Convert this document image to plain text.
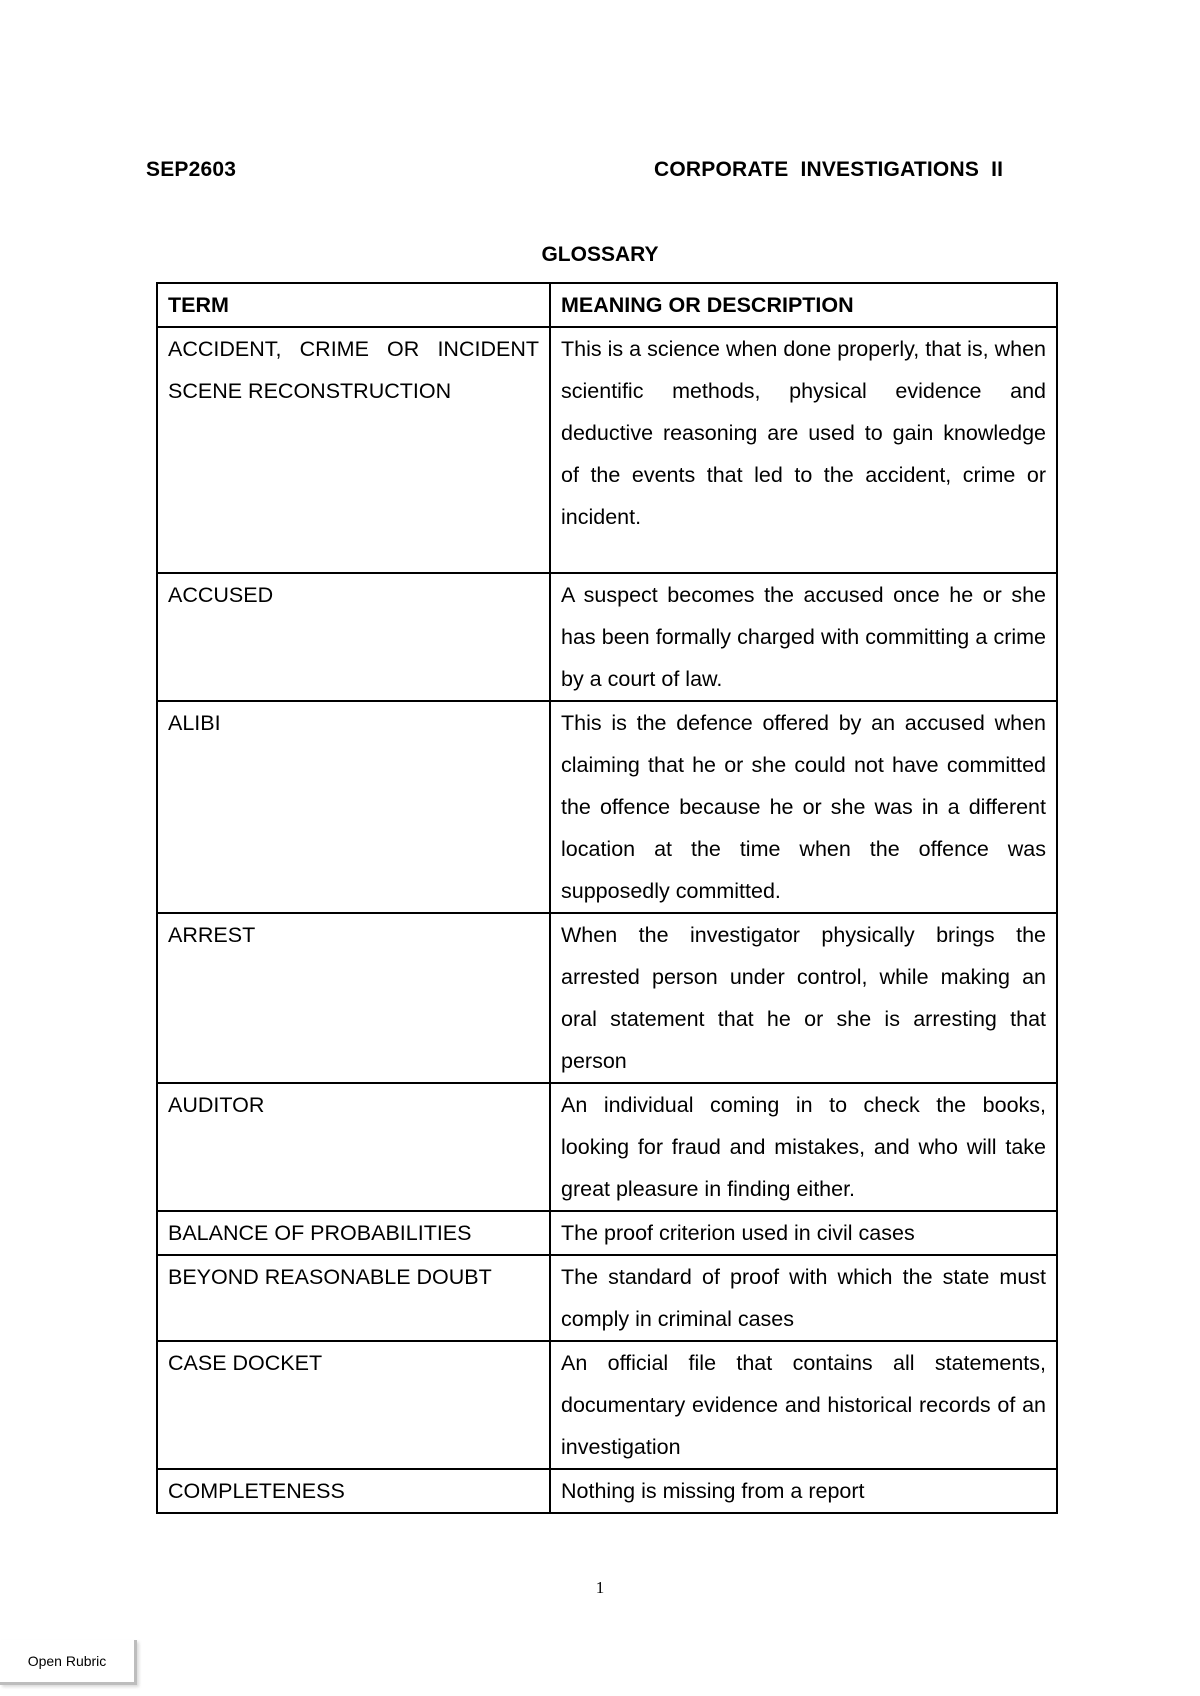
SEP2603	CORPORATE INVESTIGATIONS II
GLOSSARY
TERM	MEANING OR DESCRIPTION
ACCIDENT, CRIME OR INCIDENT SCENE RECONSTRUCTION	This is a science when done properly, that is, when scientific methods, physical evidence and deductive reasoning are used to gain knowledge of the events that led to the accident, crime or incident.
ACCUSED	A suspect becomes the accused once he or she has been formally charged with committing a crime by a court of law.
ALIBI	This is the defence offered by an accused when claiming that he or she could not have committed the offence because he or she was in a different location at the time when the offence was supposedly committed.
ARREST	When the investigator physically brings the arrested person under control, while making an oral statement that he or she is arresting that person
AUDITOR	An individual coming in to check the books, looking for fraud and mistakes, and who will take great pleasure in finding either.
BALANCE OF PROBABILITIES	The proof criterion used in civil cases
BEYOND REASONABLE DOUBT	The standard of proof with which the state must comply in criminal cases
CASE DOCKET	An official file that contains all statements, documentary evidence and historical records of an investigation
COMPLETENESS	Nothing is missing from a report
1
Open Rubric
